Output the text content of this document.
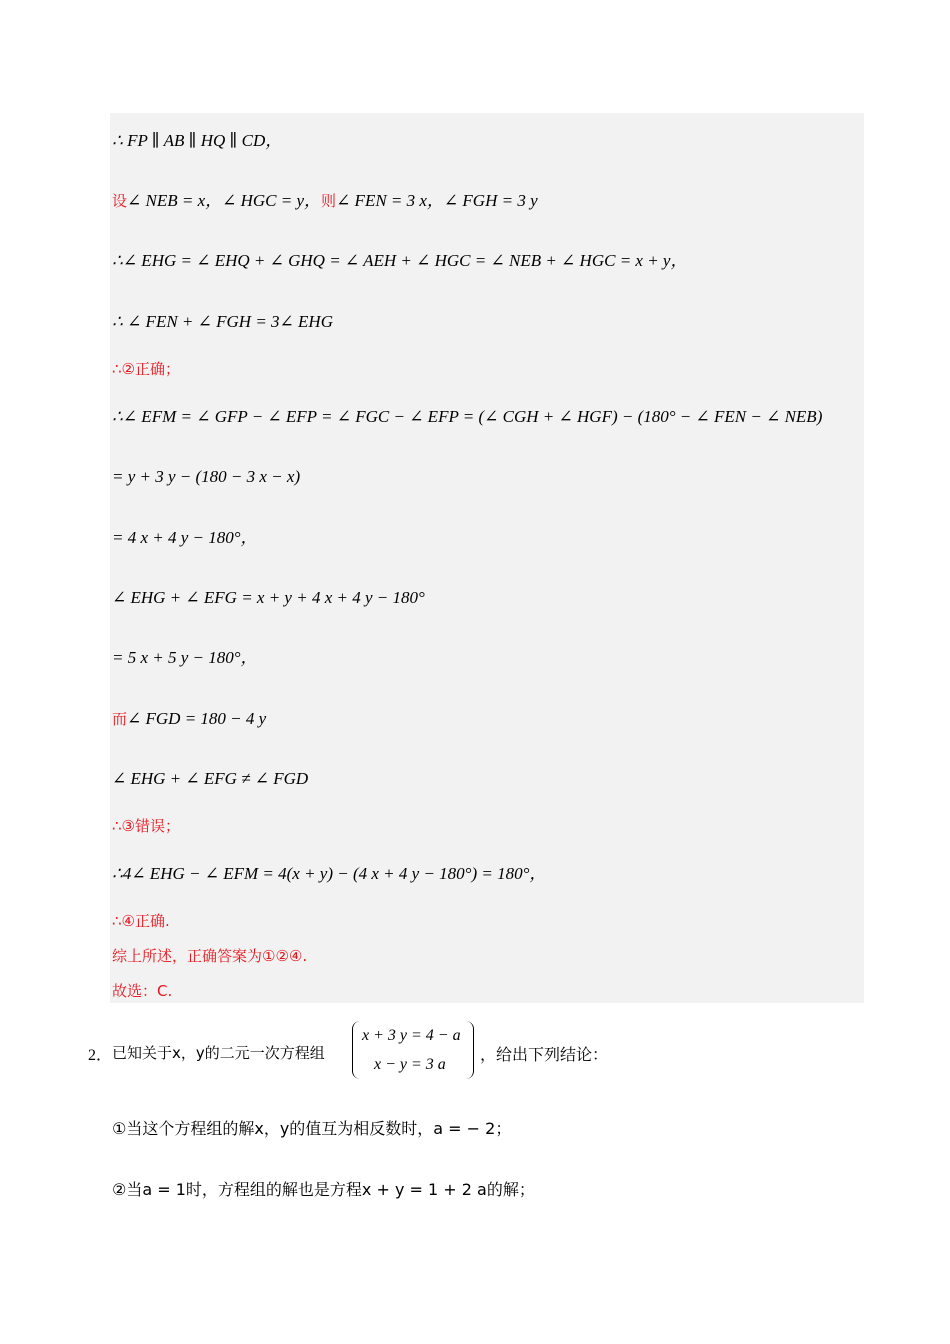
∴ FP ∥ AB ∥ HQ ∥ CD，
设∠ NEB = x，∠ HGC = y，则∠ FEN = 3 x，∠ FGH = 3 y
∴∠ EHG = ∠ EHQ + ∠ GHQ = ∠ AEH + ∠ HGC = ∠ NEB + ∠ HGC = x + y，
∴ ∠ FEN + ∠ FGH = 3∠ EHG
∴②正确；
∴∠ EFM = ∠ GFP − ∠ EFP = ∠ FGC − ∠ EFP = (∠ CGH + ∠ HGF) − (180° − ∠ FEN − ∠ NEB)
= y + 3 y − (180 − 3 x − x)
= 4 x + 4 y − 180°，
∠ EHG + ∠ EFG = x + y + 4 x + 4 y − 180°
= 5 x + 5 y − 180°，
而∠ FGD = 180 − 4 y
∠ EHG + ∠ EFG ≠ ∠ FGD
∴③错误；
∴4∠ EHG − ∠ EFM = 4(x + y) − (4 x + 4 y − 180°) = 180°，
∴④正确.
综上所述，正确答案为①②④.
故选：C.
2． 已知关于x，y的二元一次方程组
x + 3 y = 4 − a
x − y = 3 a
，给出下列结论：
①当这个方程组的解x，y的值互为相反数时，a = − 2；
②当a = 1时，方程组的解也是方程x + y = 1 + 2 a的解；
